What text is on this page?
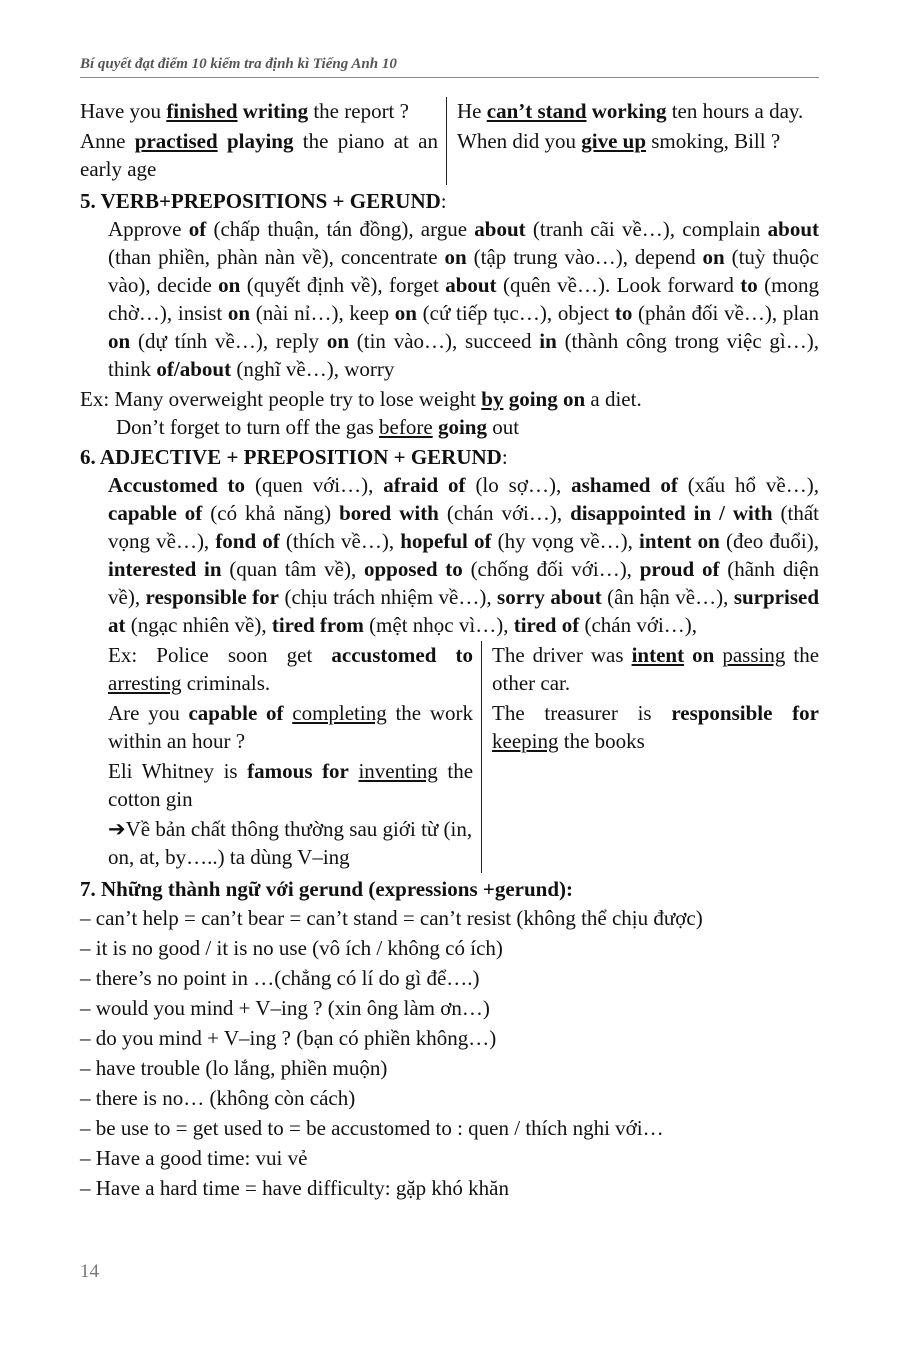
Bí quyết đạt điểm 10 kiểm tra định kì Tiếng Anh 10
Have you finished writing the report ?
Anne practised playing the piano at an early age
He can’t stand working ten hours a day.
When did you give up smoking, Bill ?
5. VERB+PREPOSITIONS + GERUND:
Approve of (chấp thuận, tán đồng), argue about (tranh cãi về…), complain about (than phiền, phàn nàn về), concentrate on (tập trung vào…), depend on (tuỳ thuộc vào), decide on (quyết định về), forget about (quên về…). Look forward to (mong chờ…), insist on (nài nỉ…), keep on (cứ tiếp tục…), object to (phản đối về…), plan on (dự tính về…), reply on (tin vào…), succeed in (thành công trong việc gì…), think of/about (nghĩ về…), worry
Ex: Many overweight people try to lose weight by going on a diet.
Don’t forget to turn off the gas before going out
6. ADJECTIVE + PREPOSITION + GERUND:
Accustomed to (quen với…), afraid of (lo sợ…), ashamed of (xấu hổ về…), capable of (có khả năng) bored with (chán với…), disappointed in / with (thất vọng về…), fond of (thích về…), hopeful of (hy vọng về…), intent on (đeo đuổi), interested in (quan tâm về), opposed to (chống đối với…), proud of (hãnh diện về), responsible for (chịu trách nhiệm về…), sorry about (ân hận về…), surprised at (ngạc nhiên về), tired from (mệt nhọc vì…), tired of (chán với…),
Ex: Police soon get accustomed to arresting criminals.
Are you capable of completing the work within an hour ?
Eli Whitney is famous for inventing the cotton gin
➔Về bản chất thông thường sau giới từ (in, on, at, by…..) ta dùng V–ing
The driver was intent on passing the other car.
The treasurer is responsible for keeping the books
7. Những thành ngữ với gerund (expressions +gerund):
– can’t help = can’t bear = can’t stand = can’t resist (không thể chịu được)
– it is no good / it is no use (vô ích / không có ích)
– there’s no point in …(chẳng có lí do gì để….)
– would you mind + V–ing ? (xin ông làm ơn…)
– do you mind + V–ing ? (bạn có phiền không…)
– have trouble (lo lắng, phiền muộn)
– there is no… (không còn cách)
– be use to = get used to = be accustomed to : quen / thích nghi với…
– Have a good time: vui vẻ
– Have a hard time = have difficulty: gặp khó khăn
14
